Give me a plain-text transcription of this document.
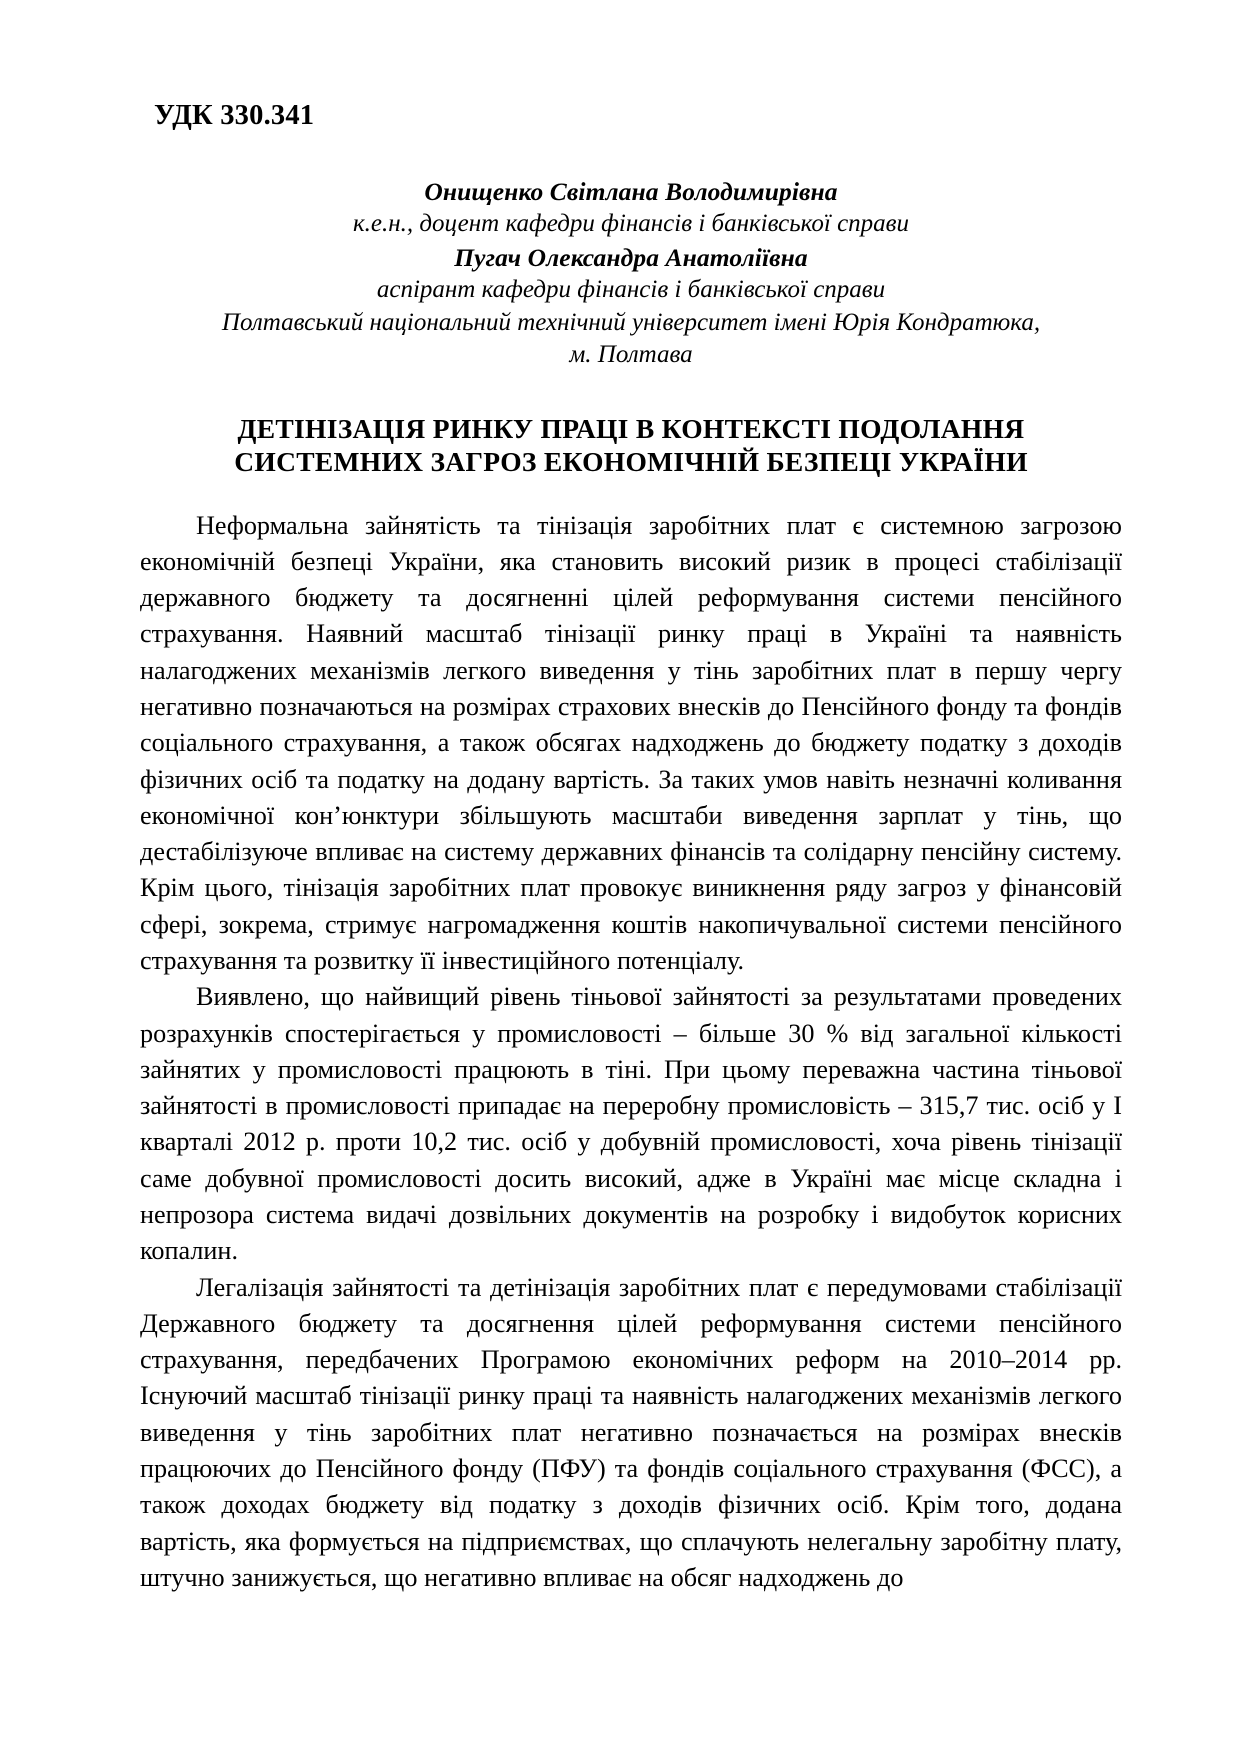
УДК 330.341
Онищенко Світлана Володимирівна
к.е.н., доцент кафедри фінансів і банківської справи
Пугач Олександра Анатоліївна
аспірант кафедри фінансів і банківської справи
Полтавський національний технічний університет імені Юрія Кондратюка,
м. Полтава
ДЕТІНІЗАЦІЯ РИНКУ ПРАЦІ В КОНТЕКСТІ ПОДОЛАННЯ
СИСТЕМНИХ ЗАГРОЗ ЕКОНОМІЧНІЙ БЕЗПЕЦІ УКРАЇНИ

Неформальна зайнятість та тінізація заробітних плат є системною загрозою економічній безпеці України, яка становить високий ризик в процесі стабілізації державного бюджету та досягненні цілей реформування системи пенсійного страхування. Наявний масштаб тінізації ринку праці в Україні та наявність налагоджених механізмів легкого виведення у тінь заробітних плат в першу чергу негативно позначаються на розмірах страхових внесків до Пенсійного фонду та фондів соціального страхування, а також обсягах надходжень до бюджету податку з доходів фізичних осіб та податку на додану вартість. За таких умов навіть незначні коливання економічної кон’юнктури збільшують масштаби виведення зарплат у тінь, що дестабілізуюче впливає на систему державних фінансів та солідарну пенсійну систему. Крім цього, тінізація заробітних плат провокує виникнення ряду загроз у фінансовій сфері, зокрема, стримує нагромадження коштів накопичувальної системи пенсійного страхування та розвитку її інвестиційного потенціалу.

Виявлено, що найвищий рівень тіньової зайнятості за результатами проведених розрахунків спостерігається у промисловості – більше 30 % від загальної кількості зайнятих у промисловості працюють в тіні. При цьому переважна частина тіньової зайнятості в промисловості припадає на переробну промисловість – 315,7 тис. осіб у I кварталі 2012 р. проти 10,2 тис. осіб у добувній промисловості, хоча рівень тінізації саме добувної промисловості досить високий, адже в Україні має місце складна і непрозора система видачі дозвільних документів на розробку і видобуток корисних копалин.

Легалізація зайнятості та детінізація заробітних плат є передумовами стабілізації Державного бюджету та досягнення цілей реформування системи пенсійного страхування, передбачених Програмою економічних реформ на 2010–2014 рр. Існуючий масштаб тінізації ринку праці та наявність налагоджених механізмів легкого виведення у тінь заробітних плат негативно позначається на розмірах внесків працюючих до Пенсійного фонду (ПФУ) та фондів соціального страхування (ФСС), а також доходах бюджету від податку з доходів фізичних осіб. Крім того, додана вартість, яка формується на підприємствах, що сплачують нелегальну заробітну плату, штучно занижується, що негативно впливає на обсяг надходжень до
